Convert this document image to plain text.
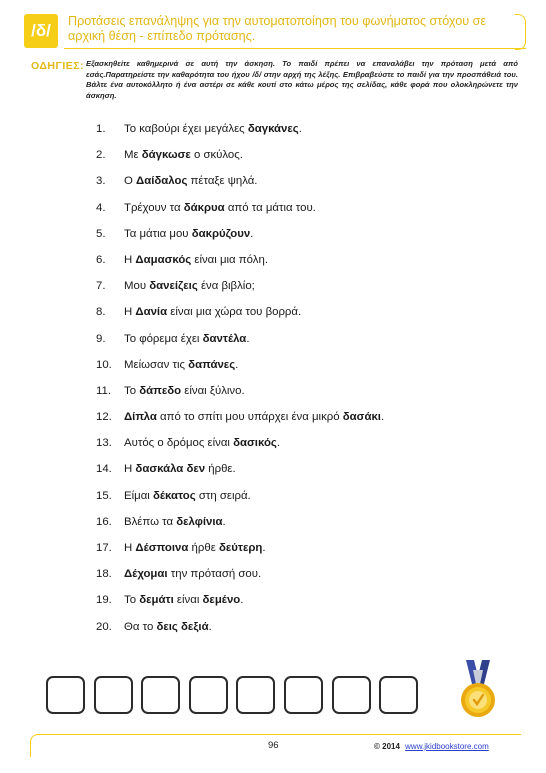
/δ/	Προτάσεις επανάληψης για την αυτοματοποίηση του φωνήματος στόχου σε αρχική θέση - επίπεδο πρότασης.
ΟΔΗΓΙΕΣ: Εξασκηθείτε καθημερινά σε αυτή την άσκηση. Το παιδί πρέπει να επαναλάβει την πρόταση μετά από εσάς.Παρατηρείστε την καθαρότητα του ήχου /δ/ στην αρχή της λέξης. Επιβραβεύστε το παιδί για την προσπάθειά του. Βάλτε ένα αυτοκόλλητο ή ένα αστέρι σε κάθε κουτί στο κάτω μέρος της σελίδας, κάθε φορά που ολοκληρώνετε την άσκηση.
1.	Το καβούρι έχει μεγάλες δαγκάνες.
2.	Με δάγκωσε ο σκύλος.
3.	Ο Δαίδαλος πέταξε ψηλά.
4.	Τρέχουν τα δάκρυα από τα μάτια του.
5.	Τα μάτια μου δακρύζουν.
6.	Η Δαμασκός είναι μια πόλη.
7.	Μου δανείζεις ένα βιβλίο;
8.	Η Δανία είναι μια χώρα του βορρά.
9.	Το φόρεμα έχει δαντέλα.
10.	Μείωσαν τις δαπάνες.
11.	Το δάπεδο είναι ξύλινο.
12.	Δίπλα από το σπίτι μου υπάρχει ένα μικρό δασάκι.
13.	Αυτός ο δρόμος είναι δασικός.
14.	Η δασκάλα δεν ήρθε.
15.	Είμαι δέκατος στη σειρά.
16.	Βλέπω τα δελφίνια.
17.	Η Δέσποινα ήρθε δεύτερη.
18.	Δέχομαι την πρότασή σου.
19.	Το δεμάτι είναι δεμένο.
20.	Θα το δεις δεξιά.
96	© 2014 www.jkidbookstore.com
